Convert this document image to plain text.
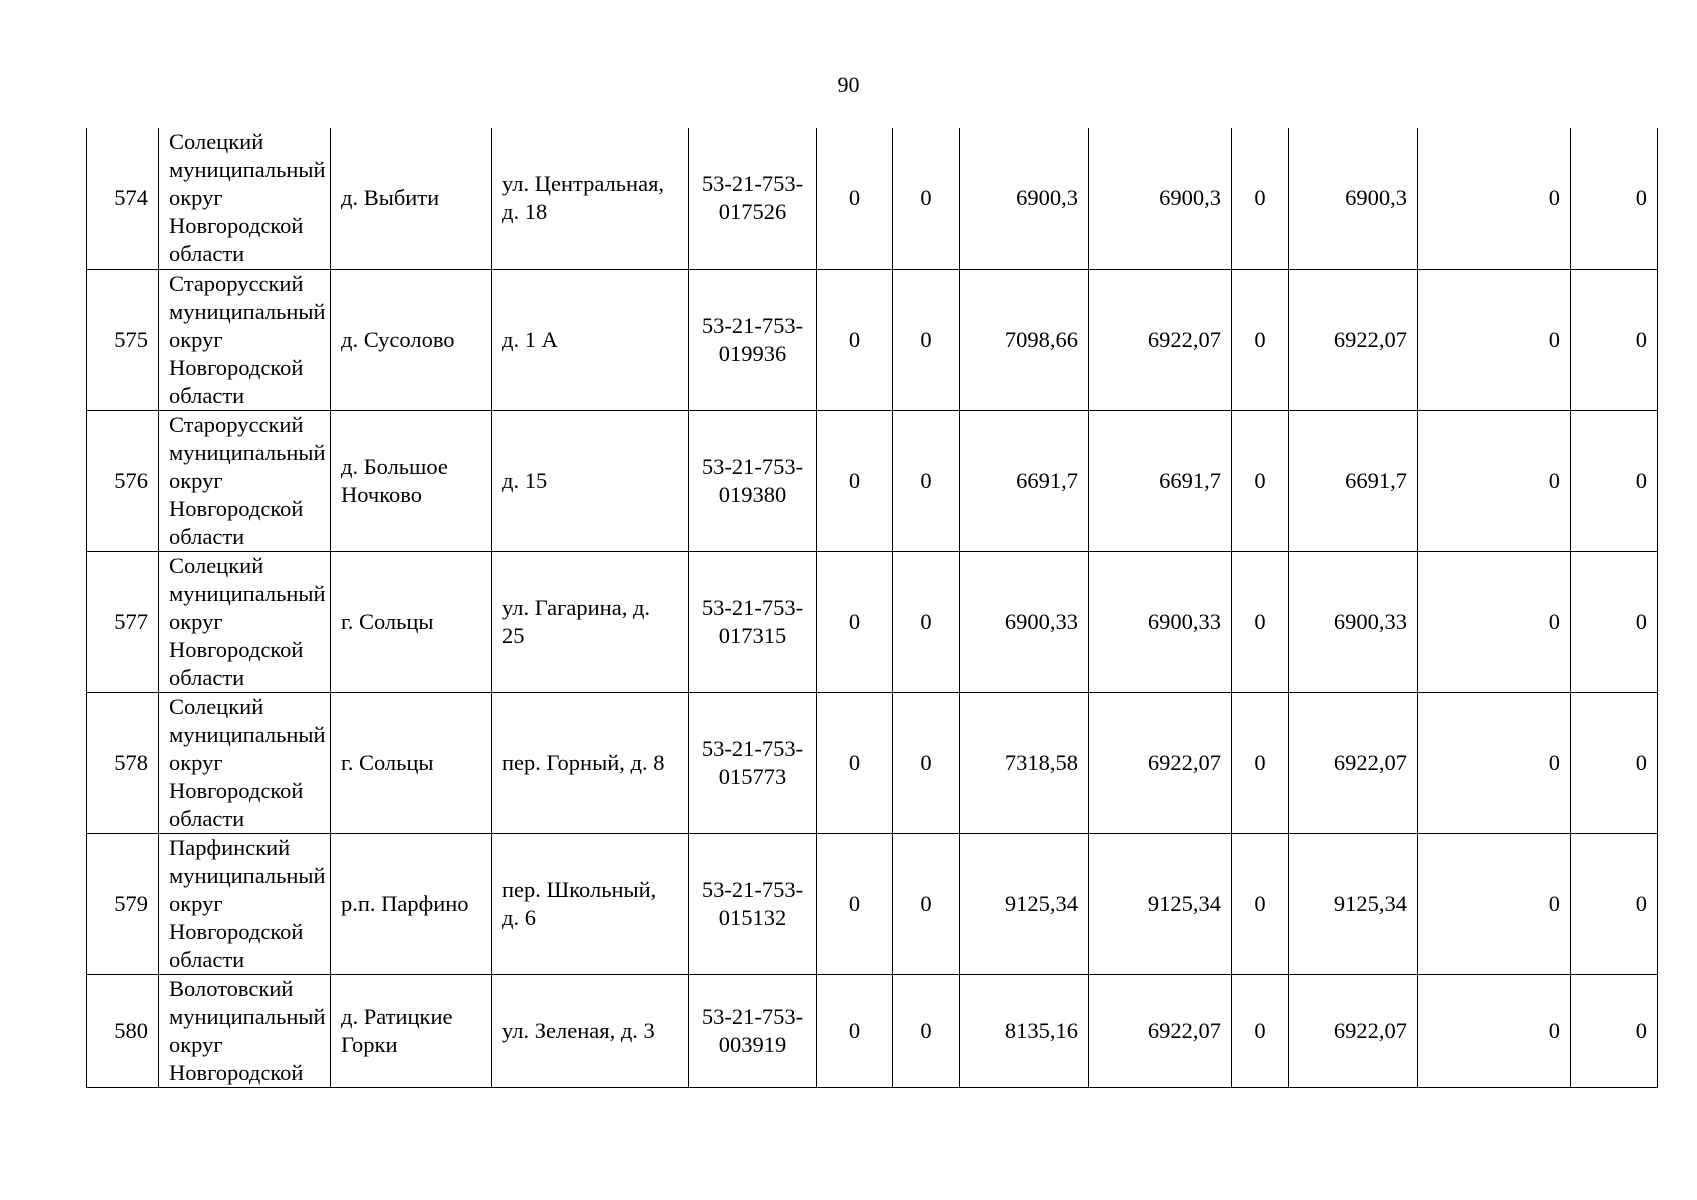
90
574	Солецкий муниципальный округ Новгородской области	д. Выбити	ул. Центральная, д. 18	53-21-753-017526	0	0	6900,3	6900,3	0	6900,3	0	0
575	Старорусский муниципальный округ Новгородской области	д. Сусолово	д. 1 А	53-21-753-019936	0	0	7098,66	6922,07	0	6922,07	0	0
576	Старорусский муниципальный округ Новгородской области	д. Большое Ночково	д. 15	53-21-753-019380	0	0	6691,7	6691,7	0	6691,7	0	0
577	Солецкий муниципальный округ Новгородской области	г. Сольцы	ул. Гагарина, д. 25	53-21-753-017315	0	0	6900,33	6900,33	0	6900,33	0	0
578	Солецкий муниципальный округ Новгородской области	г. Сольцы	пер. Горный, д. 8	53-21-753-015773	0	0	7318,58	6922,07	0	6922,07	0	0
579	Парфинский муниципальный округ Новгородской области	р.п. Парфино	пер. Школьный, д. 6	53-21-753-015132	0	0	9125,34	9125,34	0	9125,34	0	0
580	Волотовский муниципальный округ Новгородской	д. Ратицкие Горки	ул. Зеленая, д. 3	53-21-753-003919	0	0	8135,16	6922,07	0	6922,07	0	0
